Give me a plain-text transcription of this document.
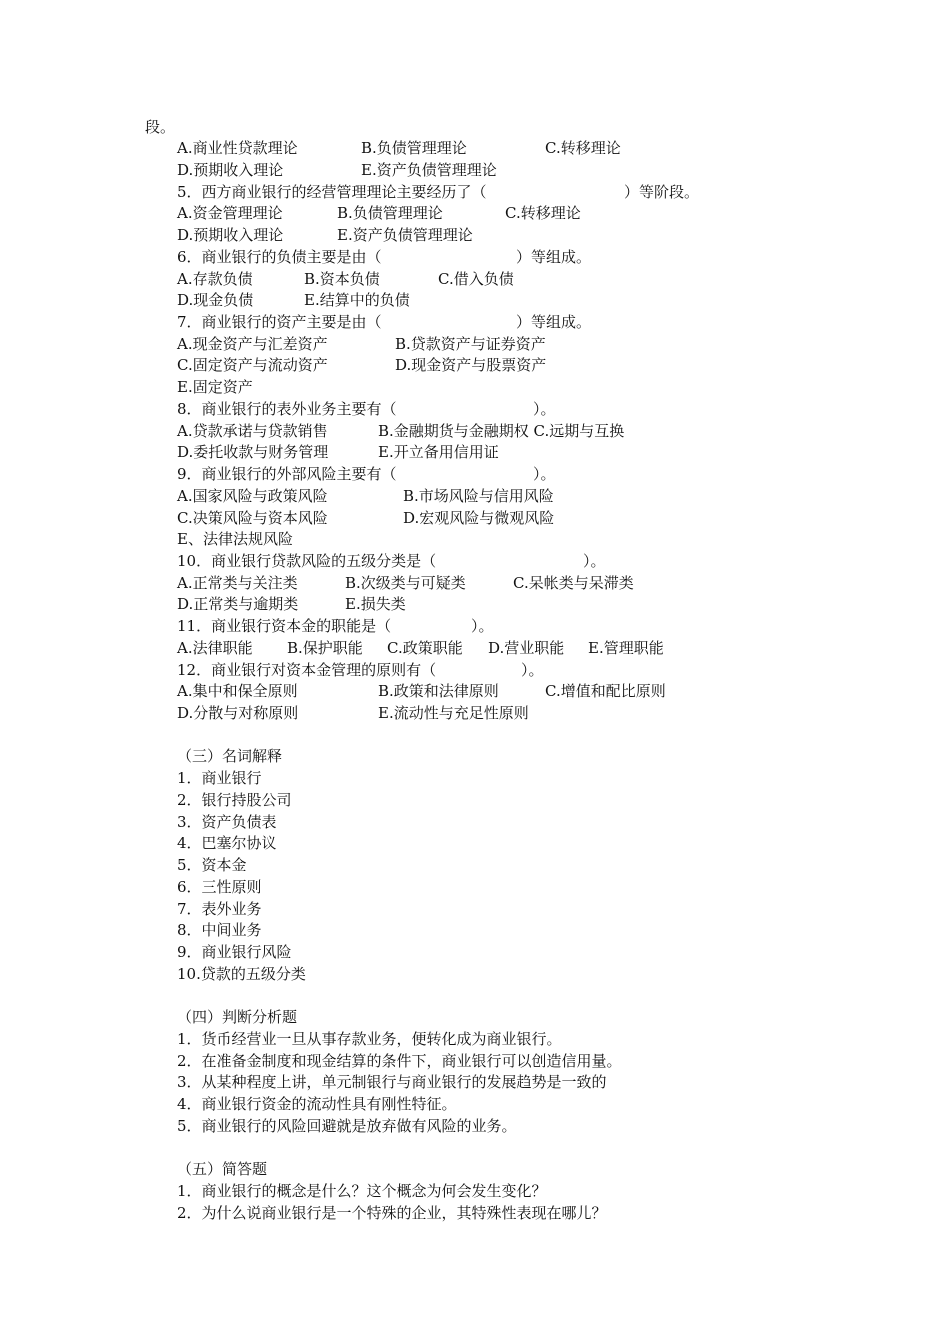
段。
A.商业性贷款理论	B.负债管理理论	C.转移理论
D.预期收入理论	E.资产负债管理理论
5．西方商业银行的经营管理理论主要经历了（	）等阶段。
A.资金管理理论	B.负债管理理论	C.转移理论
D.预期收入理论	E.资产负债管理理论
6．商业银行的负债主要是由（	）等组成。
A.存款负债	B.资本负债	C.借入负债
D.现金负债	E.结算中的负债
7．商业银行的资产主要是由（	）等组成。
A.现金资产与汇差资产	B.贷款资产与证券资产
C.固定资产与流动资产	D.现金资产与股票资产
E.固定资产
8．商业银行的表外业务主要有（	）。
A.贷款承诺与贷款销售	B.金融期货与金融期权 C.远期与互换
D.委托收款与财务管理	E.开立备用信用证
9．商业银行的外部风险主要有（	）。
A.国家风险与政策风险	B.市场风险与信用风险
C.决策风险与资本风险	D.宏观风险与微观风险
E、法律法规风险
10．商业银行贷款风险的五级分类是（	）。
A.正常类与关注类	B.次级类与可疑类	C.呆帐类与呆滞类
D.正常类与逾期类	E.损失类
11．商业银行资本金的职能是（	）。
A.法律职能 B.保护职能 C.政策职能 D.营业职能 E.管理职能
12．商业银行对资本金管理的原则有（	）。
A.集中和保全原则	B.政策和法律原则	C.增值和配比原则
D.分散与对称原则	E.流动性与充足性原则
（三）名词解释
1．商业银行
2．银行持股公司
3．资产负债表
4．巴塞尔协议
5．资本金
6．三性原则
7．表外业务
8．中间业务
9．商业银行风险
10.贷款的五级分类
（四）判断分析题
1．货币经营业一旦从事存款业务，便转化成为商业银行。
2．在准备金制度和现金结算的条件下，商业银行可以创造信用量。
3．从某种程度上讲，单元制银行与商业银行的发展趋势是一致的
4．商业银行资金的流动性具有刚性特征。
5．商业银行的风险回避就是放弃做有风险的业务。
（五）简答题
1．商业银行的概念是什么？这个概念为何会发生变化？
2．为什么说商业银行是一个特殊的企业，其特殊性表现在哪儿？
